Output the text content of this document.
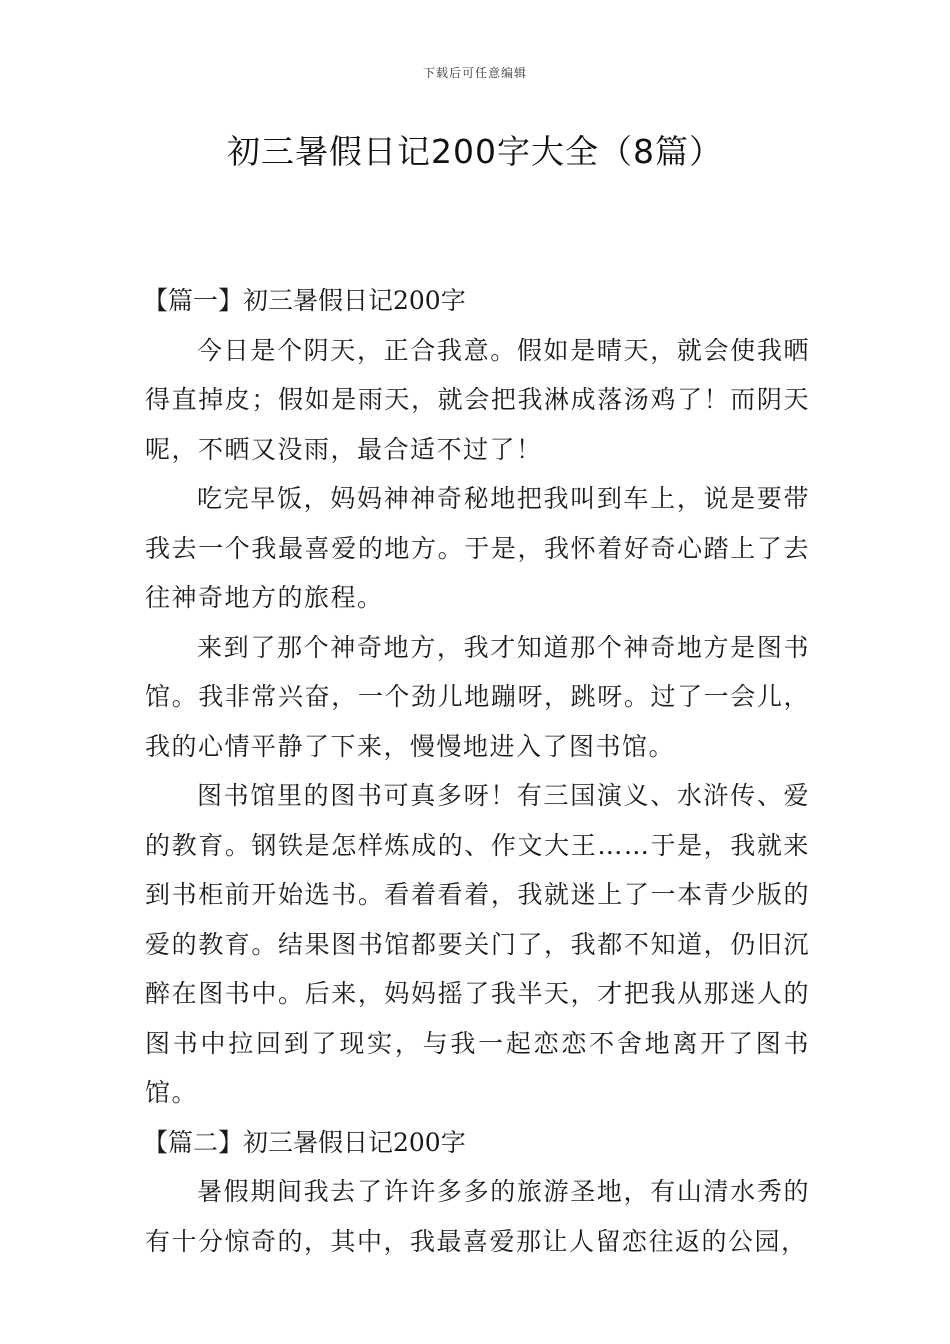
下载后可任意编辑
初三暑假日记200字大全（8篇）
【篇一】初三暑假日记200字

今日是个阴天，正合我意。假如是晴天，就会使我晒得直掉皮；假如是雨天，就会把我淋成落汤鸡了！而阴天呢，不晒又没雨，最合适不过了！

吃完早饭，妈妈神神奇秘地把我叫到车上，说是要带我去一个我最喜爱的地方。于是，我怀着好奇心踏上了去往神奇地方的旅程。

来到了那个神奇地方，我才知道那个神奇地方是图书馆。我非常兴奋，一个劲儿地蹦呀，跳呀。过了一会儿，我的心情平静了下来，慢慢地进入了图书馆。

图书馆里的图书可真多呀！有三国演义、水浒传、爱的教育。钢铁是怎样炼成的、作文大王……于是，我就来到书柜前开始选书。看着看着，我就迷上了一本青少版的爱的教育。结果图书馆都要关门了，我都不知道，仍旧沉醉在图书中。后来，妈妈摇了我半天，才把我从那迷人的图书中拉回到了现实，与我一起恋恋不舍地离开了图书馆。

【篇二】初三暑假日记200字

暑假期间我去了许许多多的旅游圣地，有山清水秀的有十分惊奇的，其中，我最喜爱那让人留恋往返的公园，
